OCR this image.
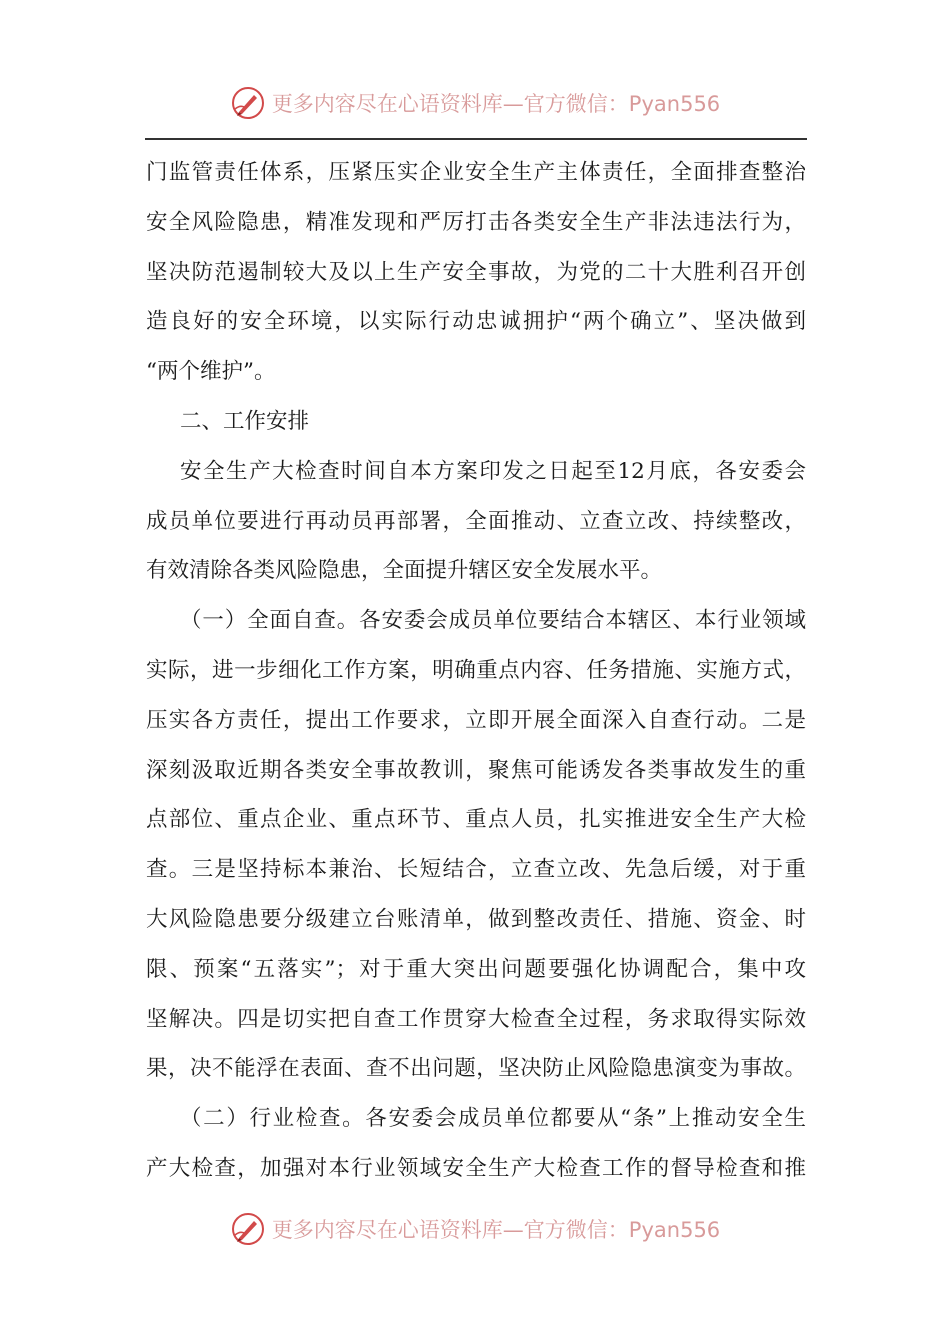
更多内容尽在心语资料库—官方微信：Pyan556
门监管责任体系，压紧压实企业安全生产主体责任，全面排查整治
安全风险隐患，精准发现和严厉打击各类安全生产非法违法行为，
坚决防范遏制较大及以上生产安全事故，为党的二十大胜利召开创
造良好的安全环境，以实际行动忠诚拥护“两个确立”、坚决做到
“两个维护”。
二、工作安排
安全生产大检查时间自本方案印发之日起至12月底，各安委会
成员单位要进行再动员再部署，全面推动、立查立改、持续整改，
有效清除各类风险隐患，全面提升辖区安全发展水平。
（一）全面自查。各安委会成员单位要结合本辖区、本行业领域
实际，进一步细化工作方案，明确重点内容、任务措施、实施方式，
压实各方责任，提出工作要求，立即开展全面深入自查行动。二是
深刻汲取近期各类安全事故教训，聚焦可能诱发各类事故发生的重
点部位、重点企业、重点环节、重点人员，扎实推进安全生产大检
查。三是坚持标本兼治、长短结合，立查立改、先急后缓，对于重
大风险隐患要分级建立台账清单，做到整改责任、措施、资金、时
限、预案“五落实”；对于重大突出问题要强化协调配合，集中攻
坚解决。四是切实把自查工作贯穿大检查全过程，务求取得实际效
果，决不能浮在表面、查不出问题，坚决防止风险隐患演变为事故。
（二）行业检查。各安委会成员单位都要从“条”上推动安全生
产大检查，加强对本行业领域安全生产大检查工作的督导检查和推
更多内容尽在心语资料库—官方微信：Pyan556
